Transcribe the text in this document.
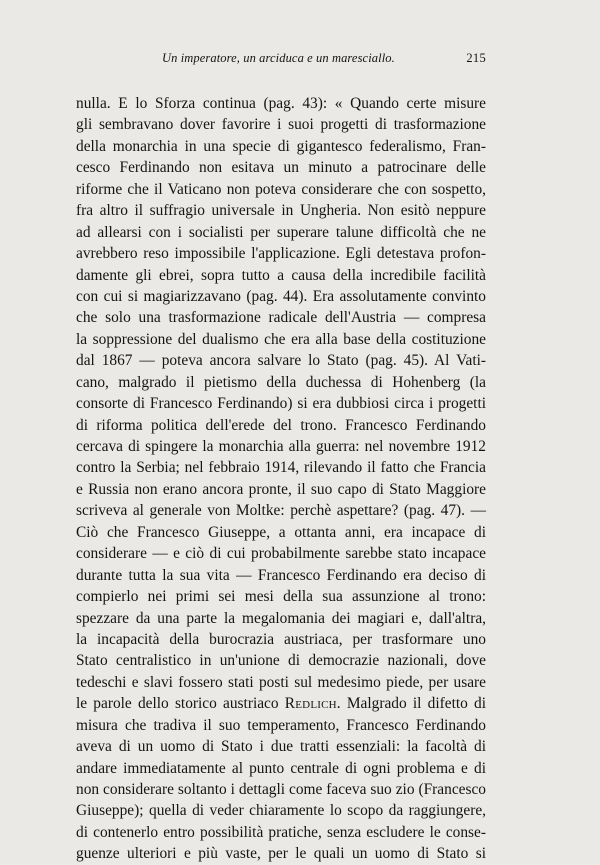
Un imperatore, un arciduca e un maresciallo.	215
nulla. E lo Sforza continua (pag. 43): « Quando certe misure
gli sembravano dover favorire i suoi progetti di trasformazione
della monarchia in una specie di gigantesco federalismo, Fran-
cesco Ferdinando non esitava un minuto a patrocinare delle
riforme che il Vaticano non poteva considerare che con sospetto,
fra altro il suffragio universale in Ungheria. Non esitò neppure
ad allearsi con i socialisti per superare talune difficoltà che ne
avrebbero reso impossibile l'applicazione. Egli detestava profon-
damente gli ebrei, sopra tutto a causa della incredibile facilità
con cui si magiarizzavano (pag. 44). Era assolutamente convinto
che solo una trasformazione radicale dell'Austria — compresa
la soppressione del dualismo che era alla base della costituzione
dal 1867 — poteva ancora salvare lo Stato (pag. 45). Al Vati-
cano, malgrado il pietismo della duchessa di Hohenberg (la
consorte di Francesco Ferdinando) si era dubbiosi circa i progetti
di riforma politica dell'erede del trono. Francesco Ferdinando
cercava di spingere la monarchia alla guerra: nel novembre 1912
contro la Serbia; nel febbraio 1914, rilevando il fatto che Francia
e Russia non erano ancora pronte, il suo capo di Stato Maggiore
scriveva al generale von Moltke: perchè aspettare? (pag. 47). —
Ciò che Francesco Giuseppe, a ottanta anni, era incapace di
considerare — e ciò di cui probabilmente sarebbe stato incapace
durante tutta la sua vita — Francesco Ferdinando era deciso di
compierlo nei primi sei mesi della sua assunzione al trono:
spezzare da una parte la megalomania dei magiari e, dall'altra,
la incapacità della burocrazia austriaca, per trasformare uno
Stato centralistico in un'unione di democrazie nazionali, dove
tedeschi e slavi fossero stati posti sul medesimo piede, per usare
le parole dello storico austriaco Redlich. Malgrado il difetto di
misura che tradiva il suo temperamento, Francesco Ferdinando
aveva di un uomo di Stato i due tratti essenziali: la facoltà di
andare immediatamente al punto centrale di ogni problema e di
non considerare soltanto i dettagli come faceva suo zio (Francesco
Giuseppe); quella di veder chiaramente lo scopo da raggiungere,
di contenerlo entro possibilità pratiche, senza escludere le conse-
guenze ulteriori e più vaste, per le quali un uomo di Stato si
